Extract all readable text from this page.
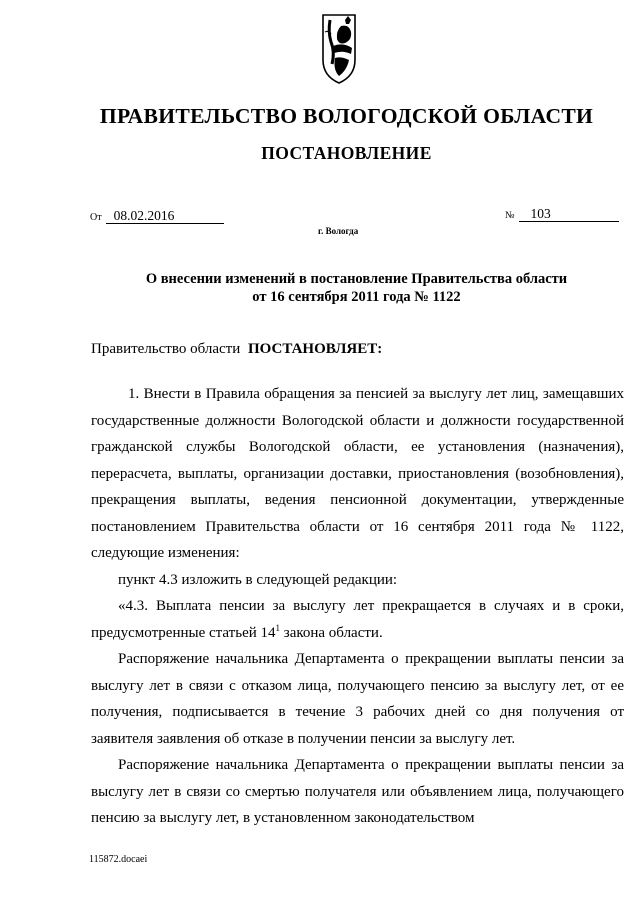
ПРАВИТЕЛЬСТВО ВОЛОГОДСКОЙ ОБЛАСТИ
ПОСТАНОВЛЕНИЕ
От 08.02.2016	№ 103
г. Вологда
О внесении изменений в постановление Правительства области
от 16 сентября 2011 года № 1122
Правительство области ПОСТАНОВЛЯЕТ:

1. Внести в Правила обращения за пенсией за выслугу лет лиц, замещавших государственные должности Вологодской области и должности государственной гражданской службы Вологодской области, ее установления (назначения), перерасчета, выплаты, организации доставки, приостановления (возобновления), прекращения выплаты, ведения пенсионной документации, утвержденные постановлением Правительства области от 16 сентября 2011 года № 1122, следующие изменения:

пункт 4.3 изложить в следующей редакции:

«4.3. Выплата пенсии за выслугу лет прекращается в случаях и в сроки, предусмотренные статьей $14^1$ закона области.

Распоряжение начальника Департамента о прекращении выплаты пенсии за выслугу лет в связи с отказом лица, получающего пенсию за выслугу лет, от ее получения, подписывается в течение 3 рабочих дней со дня получения от заявителя заявления об отказе в получении пенсии за выслугу лет.

Распоряжение начальника Департамента о прекращении выплаты пенсии за выслугу лет в связи со смертью получателя или объявлением лица, получающего пенсию за выслугу лет, в установленном законодательством

115872.docaei
